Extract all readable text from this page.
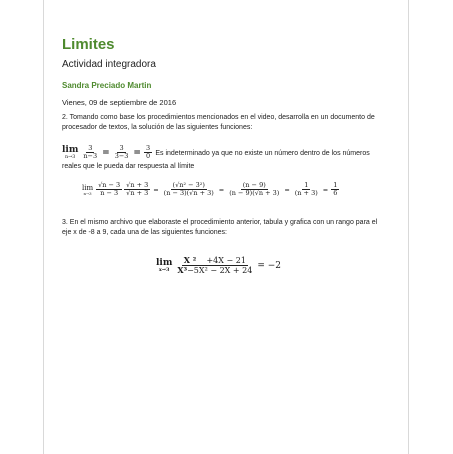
Limites
Actividad integradora
Sandra Preciado Martin
Vienes, 09 de septiembre de 2016
2. Tomando como base los procedimientos mencionados en el video, desarrolla en un documento de procesador de textos, la solución de las siguientes funciones:
lim
$n\to 3 \frac{3}{n-3} = \frac{3}{3-3} = \frac{3}{0}$ Es indeterminado ya que no existe un número dentro de los números reales que le pueda dar respuesta al límite
lim
$n\to 3 \frac{√n - 3}{n - 3} \frac{√n + 3}{√n + 3} = \frac{\text{(√n² − 3²)}}{(n - 3)(√n + 3)} = \frac{(n - 9)}{(n - 9)(√n + 3)} = \frac{1}{(n + 3)} = \frac{1}{6}$
3. En el mismo archivo que elaboraste el procedimiento anterior, tabula y grafica con un rango para el eje x de -8 a 9, cada una de las siguientes funciones:
lim
$x\to 3 \frac{\text{X ² +4X − 21}}{\text{X³−5X² − 2X + 24}} = -2$
